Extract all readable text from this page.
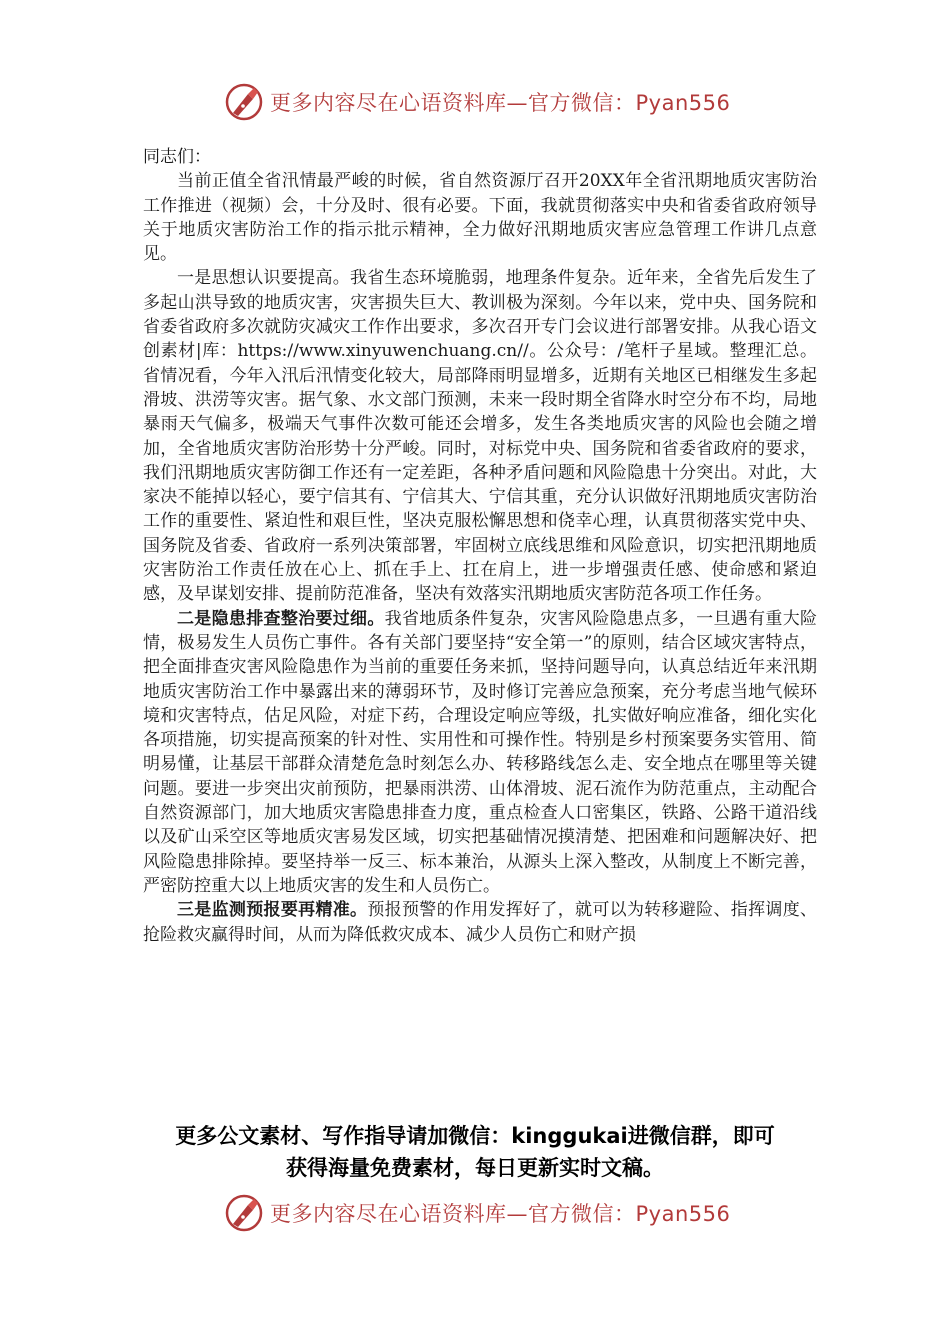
更多内容尽在心语资料库—官方微信：Pyan556

同志们：

当前正值全省汛情最严峻的时候，省自然资源厅召开20XX年全省汛期地质灾害防治工作推进（视频）会，十分及时、很有必要。下面，我就贯彻落实中央和省委省政府领导关于地质灾害防治工作的指示批示精神，全力做好汛期地质灾害应急管理工作讲几点意见。

一是思想认识要提高。我省生态环境脆弱，地理条件复杂。近年来，全省先后发生了多起山洪导致的地质灾害，灾害损失巨大、教训极为深刻。今年以来，党中央、国务院和省委省政府多次就防灾减灾工作作出要求，多次召开专门会议进行部署安排。从我心语文创素材|库：https://www.xinyuwenchuang.cn//。公众号：/笔杆子星域。整理汇总。省情况看，今年入汛后汛情变化较大，局部降雨明显增多，近期有关地区已相继发生多起滑坡、洪涝等灾害。据气象、水文部门预测，未来一段时期全省降水时空分布不均，局地暴雨天气偏多，极端天气事件次数可能还会增多，发生各类地质灾害的风险也会随之增加，全省地质灾害防治形势十分严峻。同时，对标党中央、国务院和省委省政府的要求，我们汛期地质灾害防御工作还有一定差距，各种矛盾问题和风险隐患十分突出。对此，大家决不能掉以轻心，要宁信其有、宁信其大、宁信其重，充分认识做好汛期地质灾害防治工作的重要性、紧迫性和艰巨性，坚决克服松懈思想和侥幸心理，认真贯彻落实党中央、国务院及省委、省政府一系列决策部署，牢固树立底线思维和风险意识，切实把汛期地质灾害防治工作责任放在心上、抓在手上、扛在肩上，进一步增强责任感、使命感和紧迫感，及早谋划安排、提前防范准备，坚决有效落实汛期地质灾害防范各项工作任务。

二是隐患排查整治要过细。我省地质条件复杂，灾害风险隐患点多，一旦遇有重大险情，极易发生人员伤亡事件。各有关部门要坚持“安全第一”的原则，结合区域灾害特点，把全面排查灾害风险隐患作为当前的重要任务来抓，坚持问题导向，认真总结近年来汛期地质灾害防治工作中暴露出来的薄弱环节，及时修订完善应急预案，充分考虑当地气候环境和灾害特点，估足风险，对症下药，合理设定响应等级，扎实做好响应准备，细化实化各项措施，切实提高预案的针对性、实用性和可操作性。特别是乡村预案要务实管用、简明易懂，让基层干部群众清楚危急时刻怎么办、转移路线怎么走、安全地点在哪里等关键问题。要进一步突出灾前预防，把暴雨洪涝、山体滑坡、泥石流作为防范重点，主动配合自然资源部门，加大地质灾害隐患排查力度，重点检查人口密集区，铁路、公路干道沿线以及矿山采空区等地质灾害易发区域，切实把基础情况摸清楚、把困难和问题解决好、把风险隐患排除掉。要坚持举一反三、标本兼治，从源头上深入整改，从制度上不断完善，严密防控重大以上地质灾害的发生和人员伤亡。

三是监测预报要再精准。预报预警的作用发挥好了，就可以为转移避险、指挥调度、抢险救灾赢得时间，从而为降低救灾成本、减少人员伤亡和财产损

更多公文素材、写作指导请加微信：kinggukai进微信群，即可
获得海量免费素材，每日更新实时文稿。
更多内容尽在心语资料库—官方微信：Pyan556
